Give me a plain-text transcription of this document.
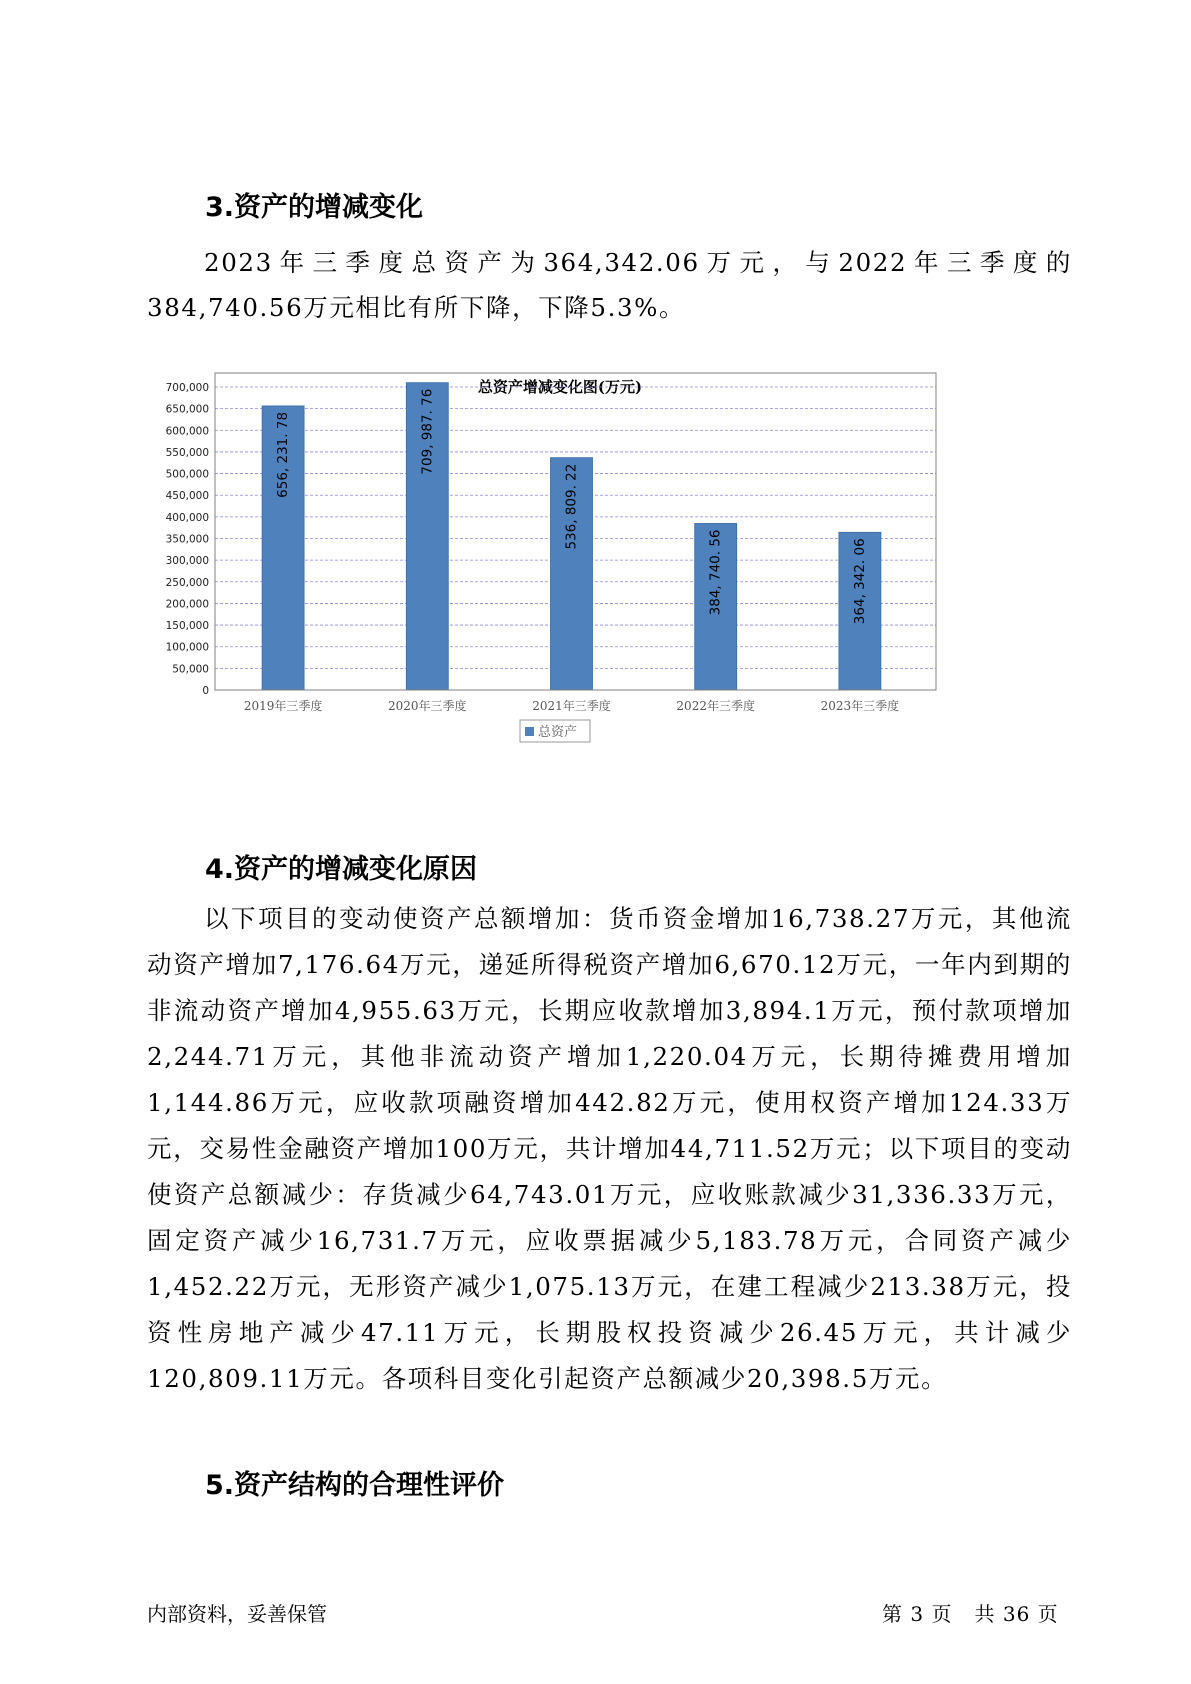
3.资产的增减变化

2023年三季度总资产为364,342.06万元，与2022年三季度的384,740.56万元相比有所下降，下降5.3%。

总资产增减变化图(万元)
656, 231. 78	709, 987. 76
536, 809. 22
384, 740. 56	364, 342. 06
0
50,000
100,000
150,000
200,000
250,000
300,000
350,000
400,000
450,000
500,000
550,000
600,000
650,000
700,000
2019年三季度	2020年三季度	2021年三季度	2022年三季度	2023年三季度
总资产
4.资产的增减变化原因

以下项目的变动使资产总额增加：货币资金增加16,738.27万元，其他流动资产增加7,176.64万元，递延所得税资产增加6,670.12万元，一年内到期的非流动资产增加4,955.63万元，长期应收款增加3,894.1万元，预付款项增加2,244.71万元，其他非流动资产增加1,220.04万元，长期待摊费用增加1,144.86万元，应收款项融资增加442.82万元，使用权资产增加124.33万元，交易性金融资产增加100万元，共计增加44,711.52万元；以下项目的变动使资产总额减少：存货减少64,743.01万元，应收账款减少31,336.33万元，固定资产减少16,731.7万元，应收票据减少5,183.78万元，合同资产减少1,452.22万元，无形资产减少1,075.13万元，在建工程减少213.38万元，投资性房地产减少47.11万元，长期股权投资减少26.45万元，共计减少120,809.11万元。各项科目变化引起资产总额减少20,398.5万元。

5.资产结构的合理性评价
内部资料，妥善保管	第 3 页   共 36 页
